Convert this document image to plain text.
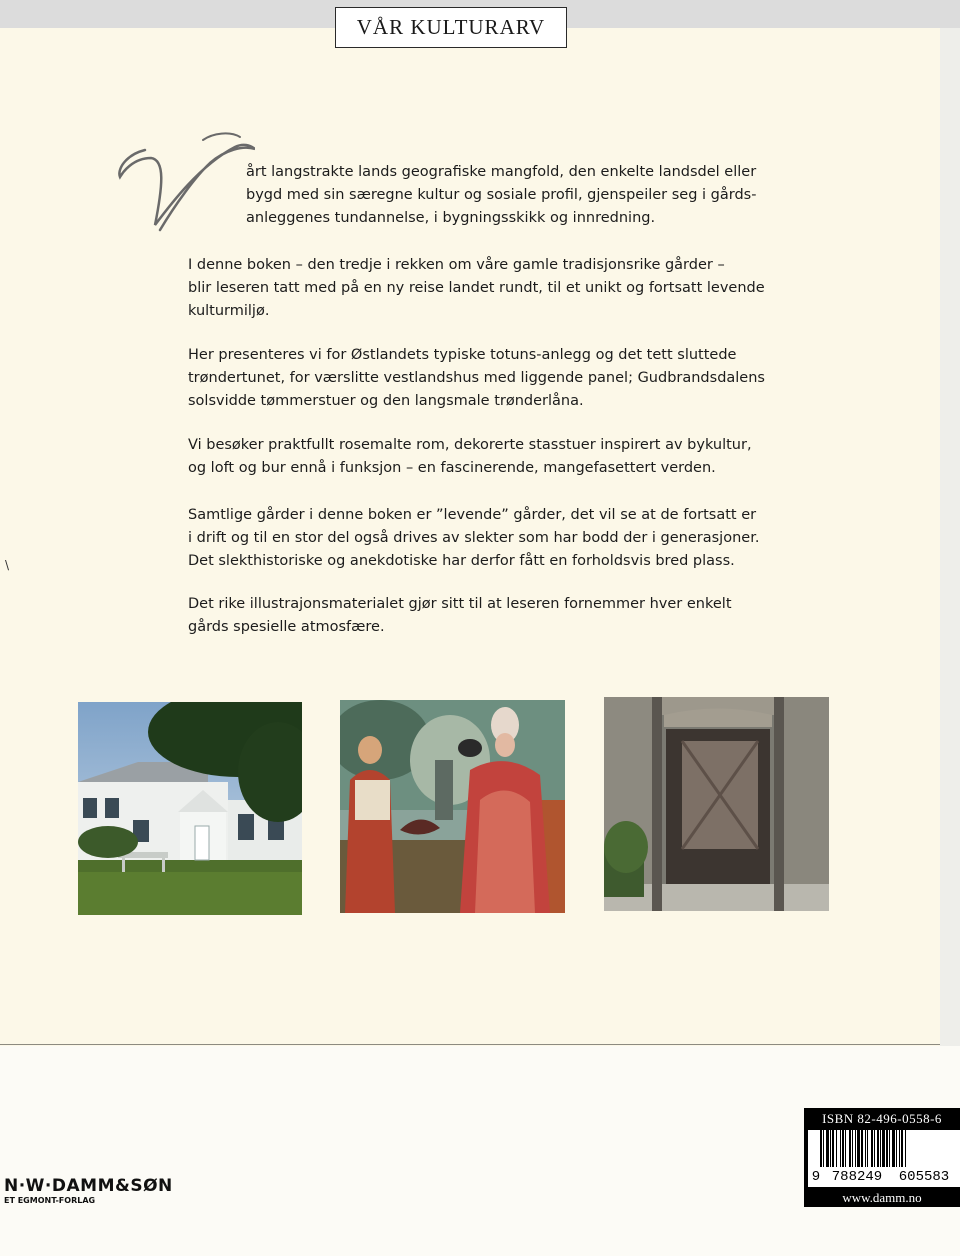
VÅR KULTURARV
\

årt langstrakte lands geografiske mangfold, den enkelte landsdel eller

bygd med sin særegne kultur og sosiale profil, gjenspeiler seg i gårds-

anleggenes tundannelse, i bygningsskikk og innredning.

I denne boken – den tredje i rekken om våre gamle tradisjonsrike gårder –

blir leseren tatt med på en ny reise landet rundt, til et unikt og fortsatt levende

kulturmiljø.

Her presenteres vi for Østlandets typiske totuns-anlegg og det tett sluttede

trøndertunet, for værslitte vestlandshus med liggende panel; Gudbrandsdalens

solsvidde tømmerstuer og den langsmale trønderlåna.

Vi besøker praktfullt rosemalte rom, dekorerte stasstuer inspirert av bykultur,

og loft og bur ennå i funksjon – en fascinerende, mangefasettert verden.

Samtlige gårder i denne boken er ”levende” gårder, det vil se at de fortsatt er

i drift og til en stor del også drives av slekter som har bodd der i generasjoner.

Det slekthistoriske og anekdotiske har derfor fått en forholdsvis bred plass.

Det rike illustrajonsmaterialet gjør sitt til at leseren fornemmer hver enkelt

gårds spesielle atmosfære.

N·W·DAMM&SØN
ET EGMONT-FORLAG
ISBN 82-496-0558-6
9 788249	605583
www.damm.no
